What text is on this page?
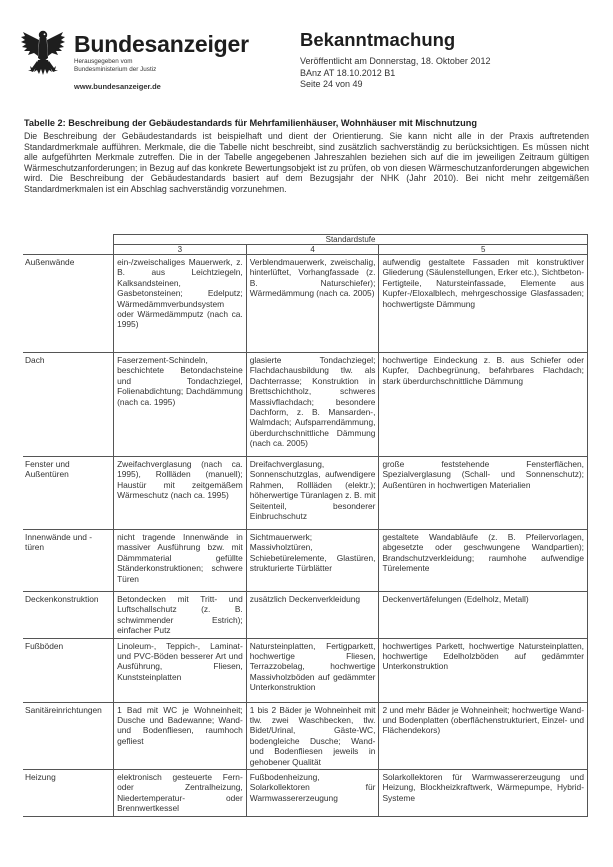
Bundesanzeiger
Herausgegeben vom
Bundesministerium der Justiz
www.bundesanzeiger.de
Bekanntmachung
Veröffentlicht am Donnerstag, 18. Oktober 2012
BAnz AT 18.10.2012 B1
Seite 24 von 49
Tabelle 2: Beschreibung der Gebäudestandards für Mehrfamilienhäuser, Wohnhäuser mit Mischnutzung
Die Beschreibung der Gebäudestandards ist beispielhaft und dient der Orientierung. Sie kann nicht alle in der Praxis auftretenden Standardmerkmale aufführen. Merkmale, die die Tabelle nicht beschreibt, sind zusätzlich sachverständig zu berücksichtigen. Es müssen nicht alle aufgeführten Merkmale zutreffen. Die in der Tabelle angegebenen Jahreszahlen beziehen sich auf die im jeweiligen Zeitraum gültigen Wärmeschutzanforderungen; in Bezug auf das konkrete Bewertungsobjekt ist zu prüfen, ob von diesen Wärmeschutzanforderungen abgewichen wird. Die Beschreibung der Gebäudestandards basiert auf dem Bezugsjahr der NHK (Jahr 2010). Bei nicht mehr zeitgemäßen Standardmerkmalen ist ein Abschlag sachverständig vorzunehmen.
	Standardstufe		
	3	4	5
Außenwände	ein-/zweischaliges Mauerwerk, z. B. aus Leichtziegeln, Kalksandsteinen, Gasbetonsteinen; Edelputz; Wärmedämmverbundsystem oder Wärmedämmputz (nach ca. 1995)	Verblendmauerwerk, zweischalig, hinterlüftet, Vorhangfassade (z. B. Naturschiefer); Wärmedämmung (nach ca. 2005)	aufwendig gestaltete Fassaden mit konstruktiver Gliederung (Säulenstellungen, Erker etc.), Sichtbeton-Fertigteile, Natursteinfassade, Elemente aus Kupfer-/Eloxalblech, mehrgeschossige Glasfassaden; hochwertigste Dämmung
Dach	Faserzement-Schindeln, beschichtete Betondachsteine und Tondachziegel, Folienabdichtung; Dachdämmung (nach ca. 1995)	glasierte Tondachziegel; Flachdachausbildung tlw. als Dachterrasse; Konstruktion in Brettschichtholz, schweres Massivflachdach; besondere Dachform, z. B. Mansarden-, Walmdach; Aufsparrendämmung, überdurchschnittliche Dämmung (nach ca. 2005)	hochwertige Eindeckung z. B. aus Schiefer oder Kupfer, Dachbegrünung, befahrbares Flachdach; stark überdurchschnittliche Dämmung
Fenster und Außentüren	Zweifachverglasung (nach ca. 1995), Rollläden (manuell); Haustür mit zeitgemäßem Wärmeschutz (nach ca. 1995)	Dreifachverglasung, Sonnenschutzglas, aufwendigere Rahmen, Rollläden (elektr.); höherwertige Türanlagen z. B. mit Seitenteil, besonderer Einbruchschutz	große feststehende Fensterflächen, Spezialverglasung (Schall- und Sonnenschutz); Außentüren in hochwertigen Materialien
Innenwände und -türen	nicht tragende Innenwände in massiver Ausführung bzw. mit Dämmmaterial gefüllte Ständerkonstruktionen; schwere Türen	Sichtmauerwerk; Massivholztüren, Schiebetürelemente, Glastüren, strukturierte Türblätter	gestaltete Wandabläufe (z. B. Pfeilervorlagen, abgesetzte oder geschwungene Wandpartien); Brandschutzverkleidung; raumhohe aufwendige Türelemente
Deckenkonstruktion	Betondecken mit Tritt- und Luftschallschutz (z. B. schwimmender Estrich); einfacher Putz	zusätzlich Deckenverkleidung	Deckenvertäfelungen (Edelholz, Metall)
Fußböden	Linoleum-, Teppich-, Laminat- und PVC-Böden besserer Art und Ausführung, Fliesen, Kunststeinplatten	Natursteinplatten, Fertigparkett, hochwertige Fliesen, Terrazzobelag, hochwertige Massivholzböden auf gedämmter Unterkonstruktion	hochwertiges Parkett, hochwertige Natursteinplatten, hochwertige Edelholzböden auf gedämmter Unterkonstruktion
Sanitäreinrichtungen	1 Bad mit WC je Wohneinheit; Dusche und Badewanne; Wand- und Bodenfliesen, raumhoch gefliest	1 bis 2 Bäder je Wohneinheit mit tlw. zwei Waschbecken, tlw. Bidet/Urinal, Gäste-WC, bodengleiche Dusche; Wand- und Bodenfliesen jeweils in gehobener Qualität	2 und mehr Bäder je Wohneinheit; hochwertige Wand- und Bodenplatten (oberflächenstrukturiert, Einzel- und Flächendekors)
Heizung	elektronisch gesteuerte Fern- oder Zentralheizung, Niedertemperatur- oder Brennwertkessel	Fußbodenheizung, Solarkollektoren für Warmwassererzeugung	Solarkollektoren für Warmwassererzeugung und Heizung, Blockheizkraftwerk, Wärmepumpe, Hybrid-Systeme
